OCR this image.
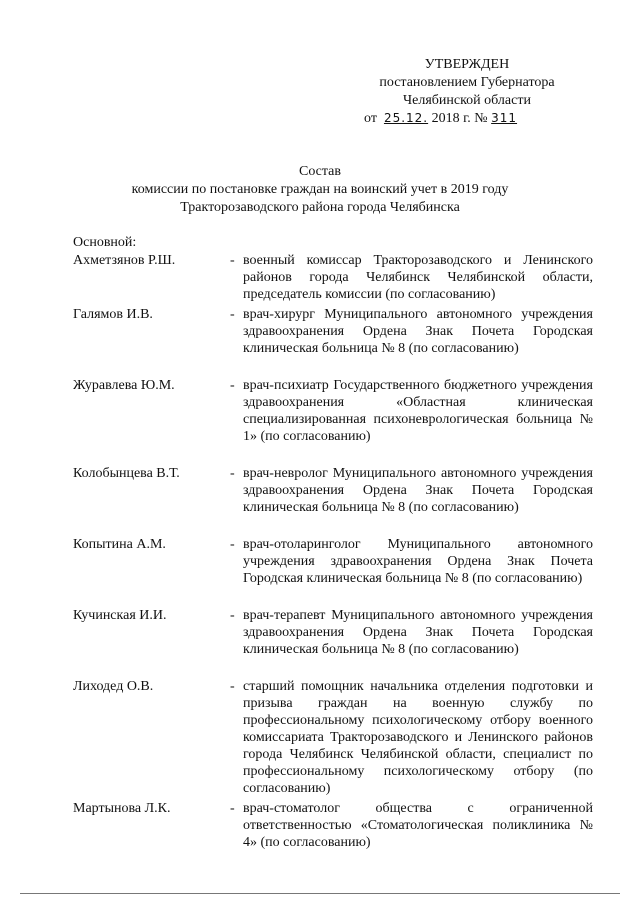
УТВЕРЖДЕН
постановлением Губернатора
Челябинской области
от 25.12. 2018 г. № 311
Состав
комиссии по постановке граждан на воинский учет в 2019 году
Тракторозаводского района города Челябинска
Основной:
Ахметзянов Р.Ш.	- военный комиссар Тракторозаводского и Ленинского районов города Челябинск Челябинской области, председатель комиссии (по согласованию)
Галямов И.В.	- врач-хирург Муниципального автономного учреждения здравоохранения Ордена Знак Почета Городская клиническая больница № 8 (по согласованию)
Журавлева Ю.М.	- врач-психиатр Государственного бюджетного учреждения здравоохранения «Областная клиническая специализированная психоневрологическая больница № 1» (по согласованию)
Колобынцева В.Т.	- врач-невролог Муниципального автономного учреждения здравоохранения Ордена Знак Почета Городская клиническая больница № 8 (по согласованию)
Копытина А.М.	- врач-отоларинголог Муниципального автономного учреждения здравоохранения Ордена Знак Почета Городская клиническая больница № 8 (по согласованию)
Кучинская И.И.	- врач-терапевт Муниципального автономного учреждения здравоохранения Ордена Знак Почета Городская клиническая больница № 8 (по согласованию)
Лиходед О.В.	- старший помощник начальника отделения подготовки и призыва граждан на военную службу по профессиональному психологическому отбору военного комиссариата Тракторозаводского и Ленинского районов города Челябинск Челябинской области, специалист по профессиональному психологическому отбору (по согласованию)
Мартынова Л.К.	- врач-стоматолог общества с ограниченной ответственностью «Стоматологическая поликлиника № 4» (по согласованию)
